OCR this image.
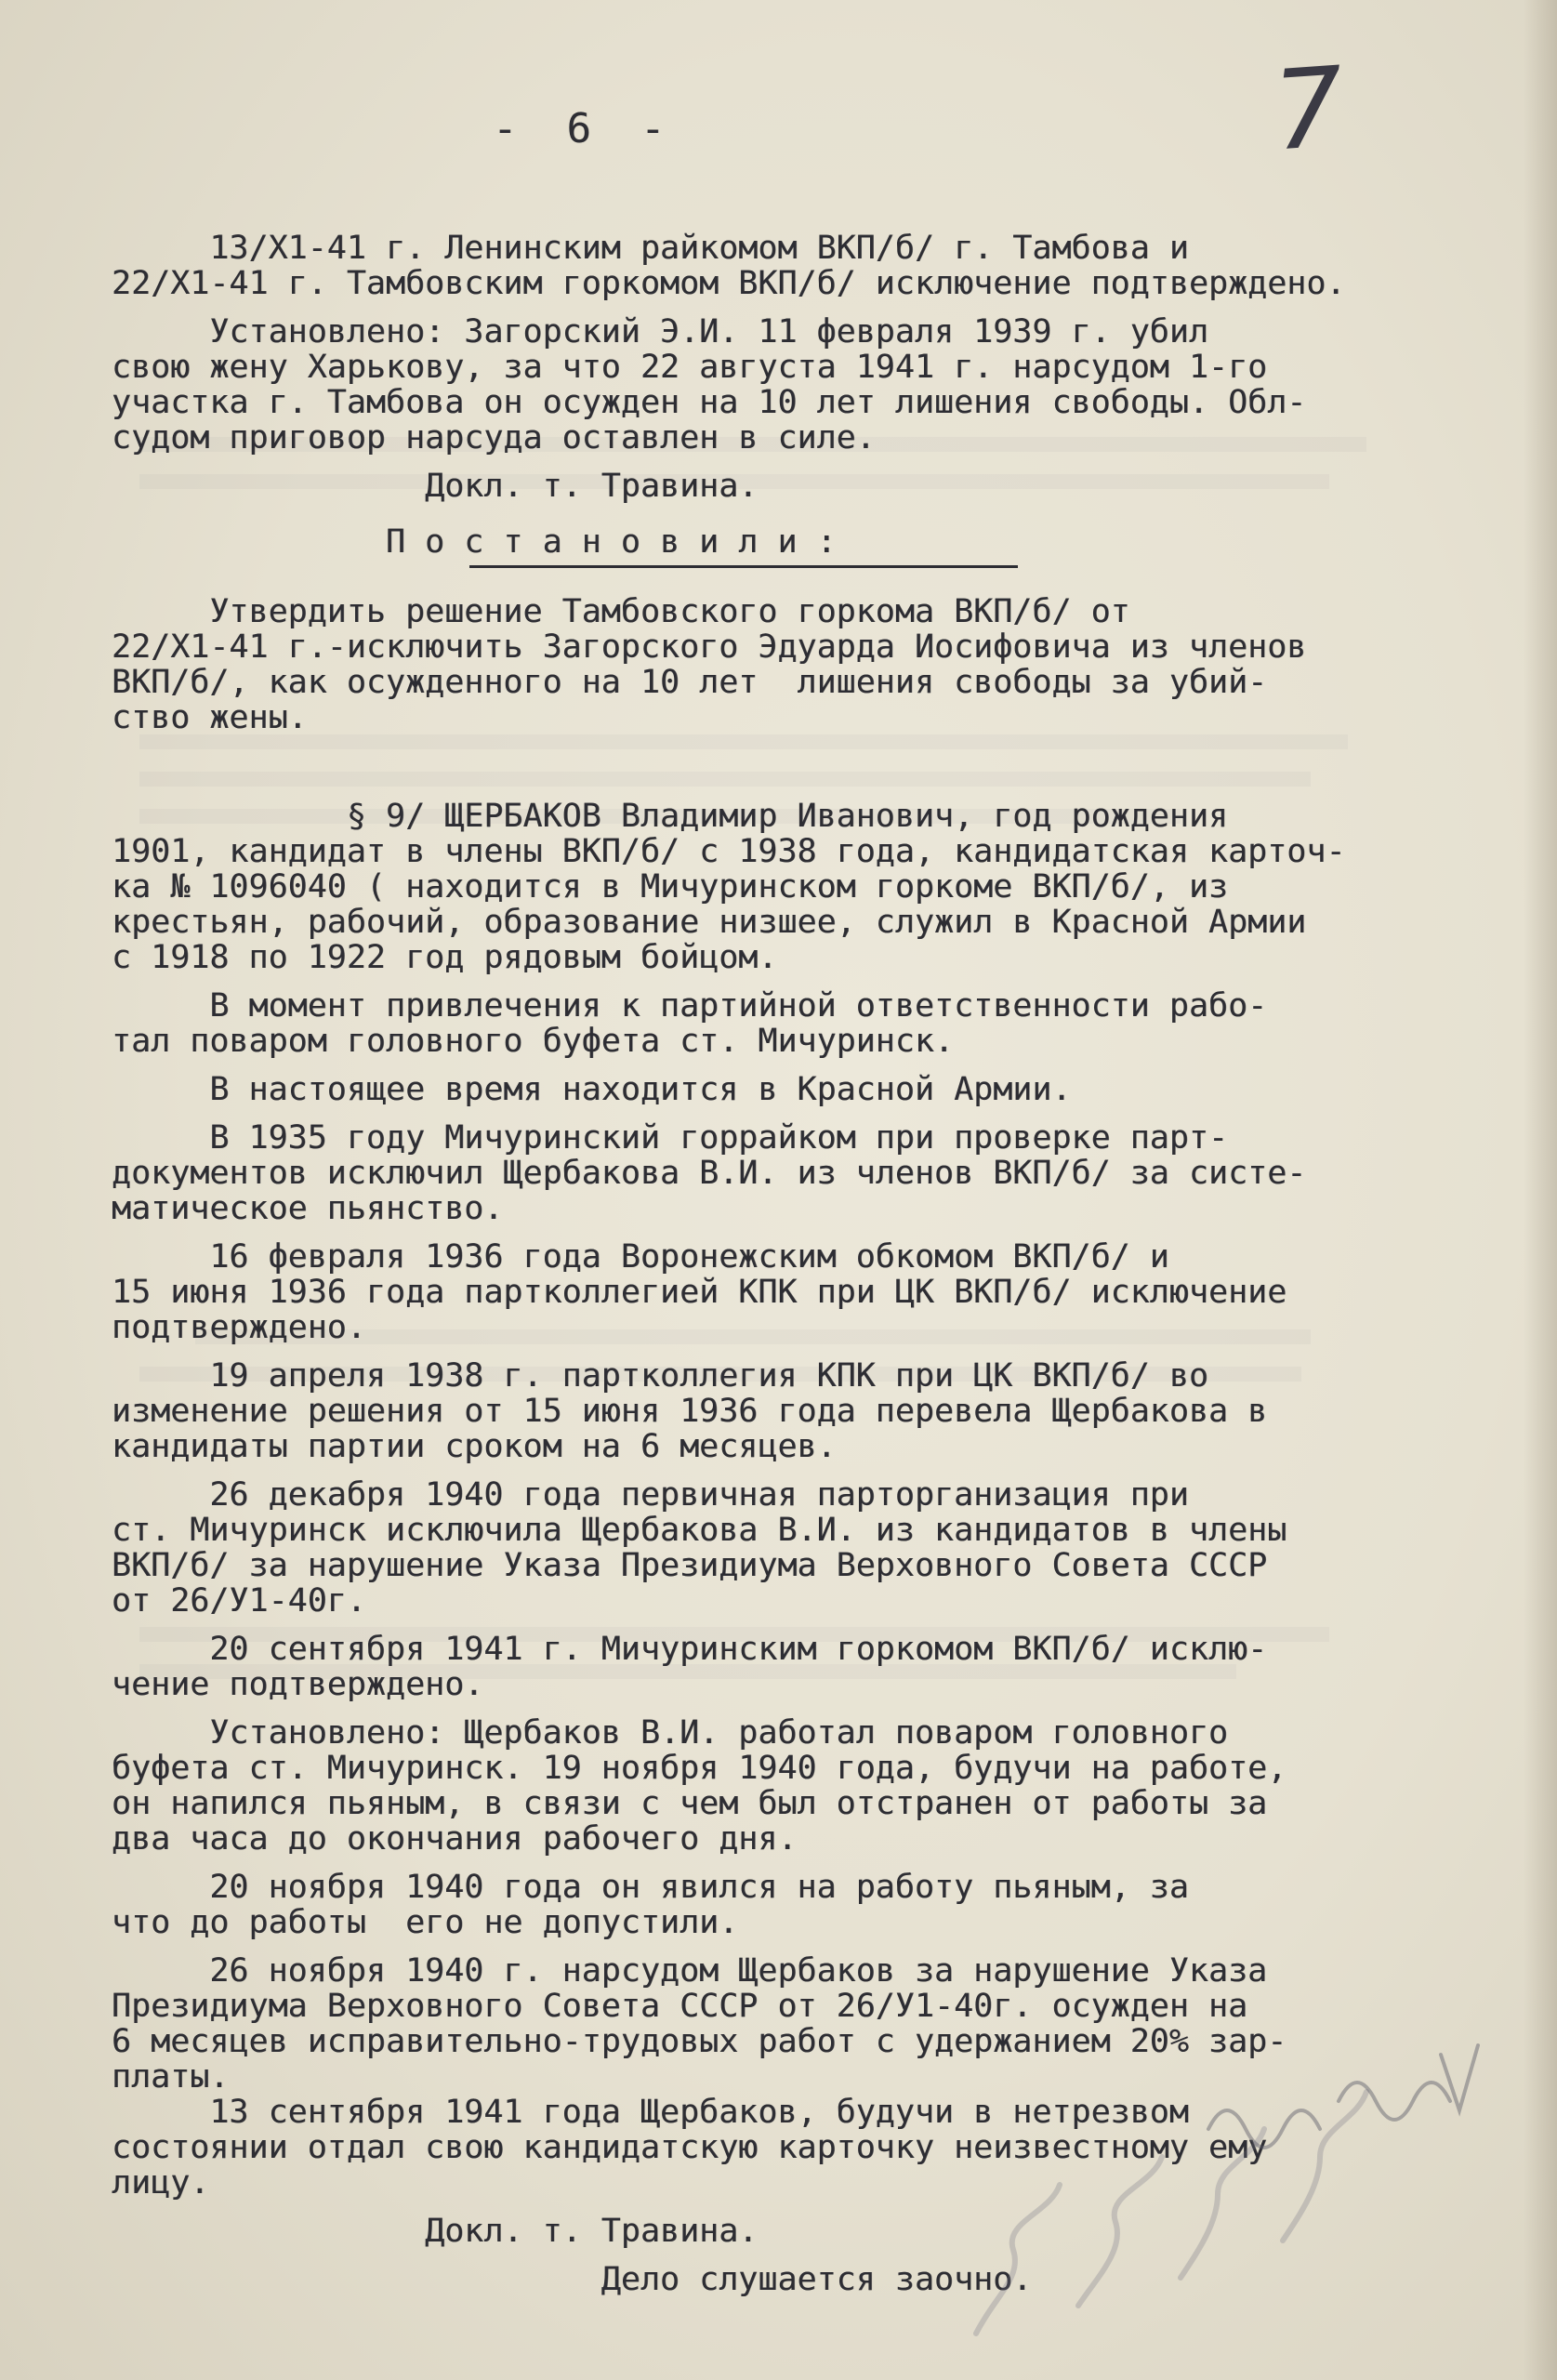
7
-  6  -
13/Х1-41 г. Ленинским райкомом ВКП/б/ г. Тамбова и
22/Х1-41 г. Тамбовским горкомом ВКП/б/ исключение подтверждено.
Установлено: Загорский Э.И. 11 февраля 1939 г. убил
свою жену Харькову, за что 22 августа 1941 г. нарсудом 1-го
участка г. Тамбова он осужден на 10 лет лишения свободы. Обл-
судом приговор нарсуда оставлен в силе.
Докл. т. Травина.
П о с т а н о в и л и :
Утвердить решение Тамбовского горкома ВКП/б/ от
22/Х1-41 г.-исключить Загорского Эдуарда Иосифовича из членов
ВКП/б/, как осужденного на 10 лет  лишения свободы за убий-
ство жены.
§ 9/ ЩЕРБАКОВ Владимир Иванович, год рождения
1901, кандидат в члены ВКП/б/ с 1938 года, кандидатская карточ-
ка № 1096040 ( находится в Мичуринском горкоме ВКП/б/, из
крестьян, рабочий, образование низшее, служил в Красной Армии
с 1918 по 1922 год рядовым бойцом.
В момент привлечения к партийной ответственности рабо-
тал поваром головного буфета ст. Мичуринск.
В настоящее время находится в Красной Армии.
В 1935 году Мичуринский горрайком при проверке парт-
документов исключил Щербакова В.И. из членов ВКП/б/ за систе-
матическое пьянство.
16 февраля 1936 года Воронежским обкомом ВКП/б/ и
15 июня 1936 года партколлегией КПК при ЦК ВКП/б/ исключение
подтверждено.
19 апреля 1938 г. партколлегия КПК при ЦК ВКП/б/ во
изменение решения от 15 июня 1936 года перевела Щербакова в
кандидаты партии сроком на 6 месяцев.
26 декабря 1940 года первичная парторганизация при
ст. Мичуринск исключила Щербакова В.И. из кандидатов в члены
ВКП/б/ за нарушение Указа Президиума Верховного Совета СССР
от 26/У1-40г.
20 сентября 1941 г. Мичуринским горкомом ВКП/б/ исклю-
чение подтверждено.
Установлено: Щербаков В.И. работал поваром головного
буфета ст. Мичуринск. 19 ноября 1940 года, будучи на работе,
он напился пьяным, в связи с чем был отстранен от работы за
два часа до окончания рабочего дня.
20 ноября 1940 года он явился на работу пьяным, за
что до работы  его не допустили.
26 ноября 1940 г. нарсудом Щербаков за нарушение Указа
Президиума Верховного Совета СССР от 26/У1-40г. осужден на
6 месяцев исправительно-трудовых работ с удержанием 20% зар-
платы.
13 сентября 1941 года Щербаков, будучи в нетрезвом
состоянии отдал свою кандидатскую карточку неизвестному ему
лицу.
Докл. т. Травина.
Дело слушается заочно.
